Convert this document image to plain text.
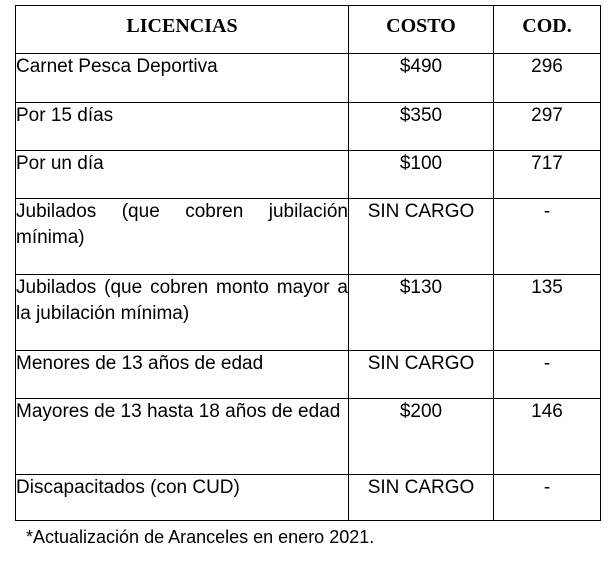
LICENCIAS	COSTO	COD.
Carnet Pesca Deportiva	$490	296
Por 15 días	$350	297
Por un día	$100	717
Jubilados (que cobren jubilación mínima)	SIN CARGO	-
Jubilados (que cobren monto mayor a la jubilación mínima)	$130	135
Menores de 13 años de edad	SIN CARGO	-
Mayores de 13 hasta 18 años de edad	$200	146
Discapacitados (con CUD)	SIN CARGO	-
*Actualización de Aranceles en enero 2021.
